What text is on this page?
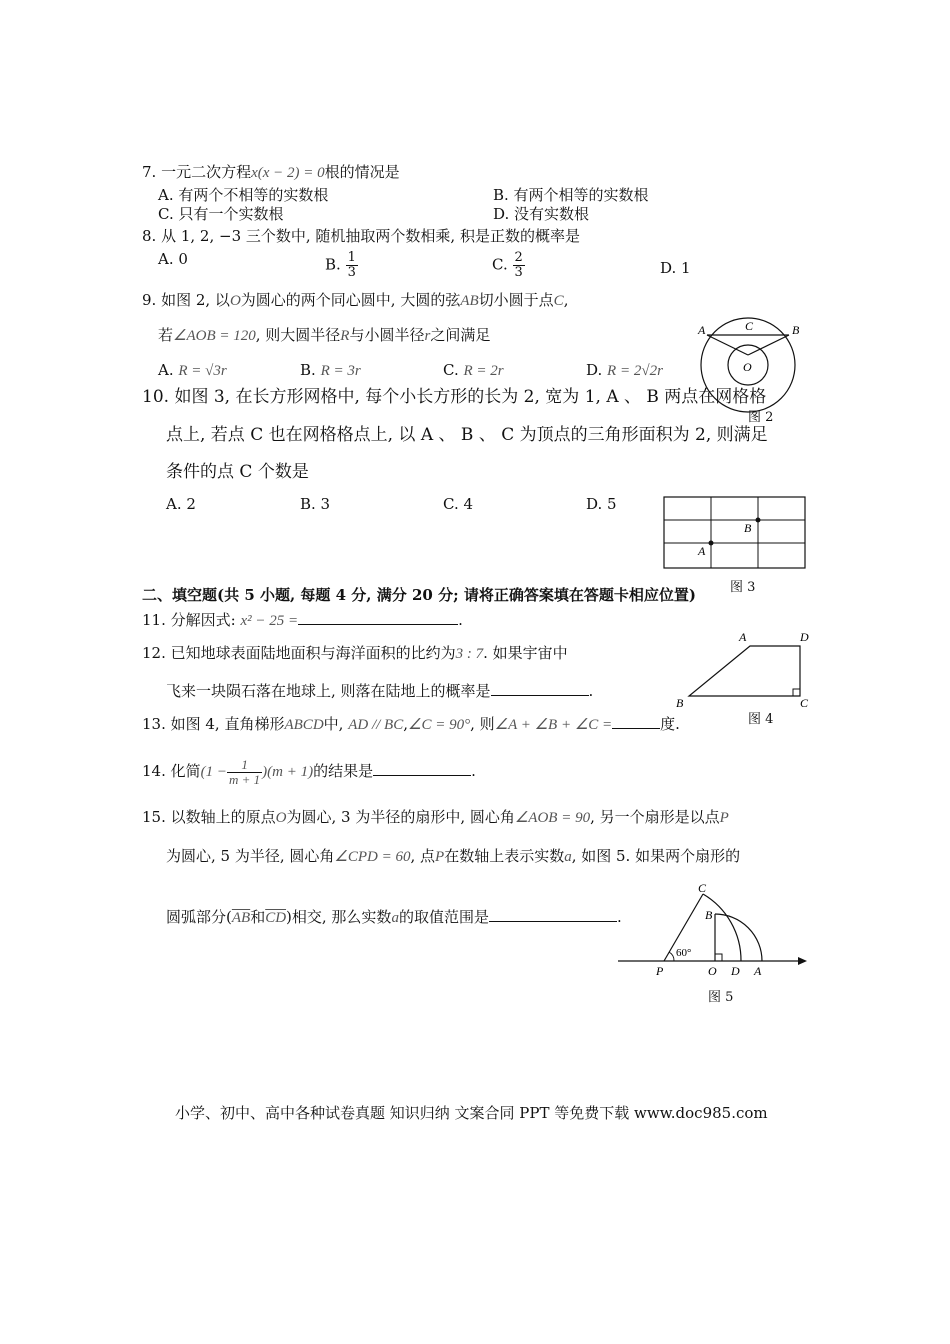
7. 一元二次方程x(x − 2) = 0根的情况是
A. 有两个不相等的实数根	B. 有两个相等的实数根
C. 只有一个实数根	D. 没有实数根
8. 从 1, 2, −3 三个数中, 随机抽取两个数相乘, 积是正数的概率是
A. 0	B. $\frac{1}{3}$	C. $\frac{2}{3}$	D. 1
9. 如图 2, 以O为圆心的两个同心圆中, 大圆的弦AB切小圆于点C,
若∠AOB = 120, 则大圆半径R与小圆半径r之间满足
A. R = √3r	B. R = 3r	C. R = 2r	D. R = 2√2r
10. 如图 3, 在长方形网格中, 每个小长方形的长为 2, 宽为 1, A 、 B 两点在网格格
点上, 若点 C 也在网格格点上, 以 A 、 B 、 C 为顶点的三角形面积为 2, 则满足
条件的点 C 个数是
A. 2	B. 3	C. 4	D. 5
二、填空题(共 5 小题, 每题 4 分, 满分 20 分; 请将正确答案填在答题卡相应位置)
11. 分解因式: x² − 25 =	.
12. 已知地球表面陆地面积与海洋面积的比约为3 : 7. 如果宇宙中
飞来一块陨石落在地球上, 则落在陆地上的概率是	.
13. 如图 4, 直角梯形ABCD中, AD // BC,∠C = 90°, 则∠A + ∠B + ∠C =	度.
14. 化简$(1 - \frac{1}{m + 1} )(m + 1)$的结果是	.
15. 以数轴上的原点O为圆心, 3 为半径的扇形中, 圆心角∠AOB = 90, 另一个扇形是以点P
为圆心, 5 为半径, 圆心角∠CPD = 60, 点P在数轴上表示实数a, 如图 5. 如果两个扇形的
圆弧部分($\overline{AB}$和$\overline{CD}$)相交, 那么实数a的取值范围是	.
A	B
C
O
图 2
A
B
图 3
A	D
B	C
图 4
60°
C
B
P	O D A
图 5
小学、初中、高中各种试卷真题 知识归纳 文案合同 PPT 等免费下载 www.doc985.com
